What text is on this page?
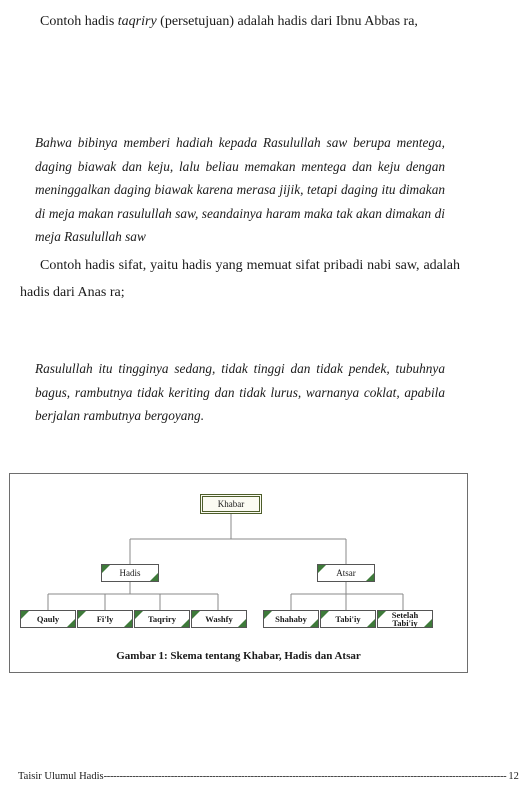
Contoh hadis taqriry (persetujuan) adalah hadis dari Ibnu Abbas ra,
Bahwa bibinya memberi hadiah kepada Rasulullah saw berupa mentega, daging biawak dan keju, lalu beliau memakan mentega dan keju dengan meninggalkan daging biawak karena merasa jijik, tetapi daging itu dimakan di meja makan rasulullah saw, seandainya haram maka tak akan dimakan di meja Rasulullah saw
Contoh hadis sifat, yaitu hadis yang memuat sifat pribadi nabi saw, adalah hadis dari Anas ra;
Rasulullah itu tingginya sedang, tidak tinggi dan tidak pendek, tubuhnya bagus, rambutnya tidak keriting dan tidak lurus, warnanya coklat, apabila berjalan rambutnya bergoyang.
Khabar
Hadis	Atsar
Qauly	Fi'ly	Taqriry	Washfy	Shahaby	Tabi'iy	Setelah Tabi'iy
Gambar 1: Skema tentang Khabar, Hadis dan Atsar
Taisir Ulumul Hadis ------------------------------------------------------------------------------------------------------------------------------ 12
